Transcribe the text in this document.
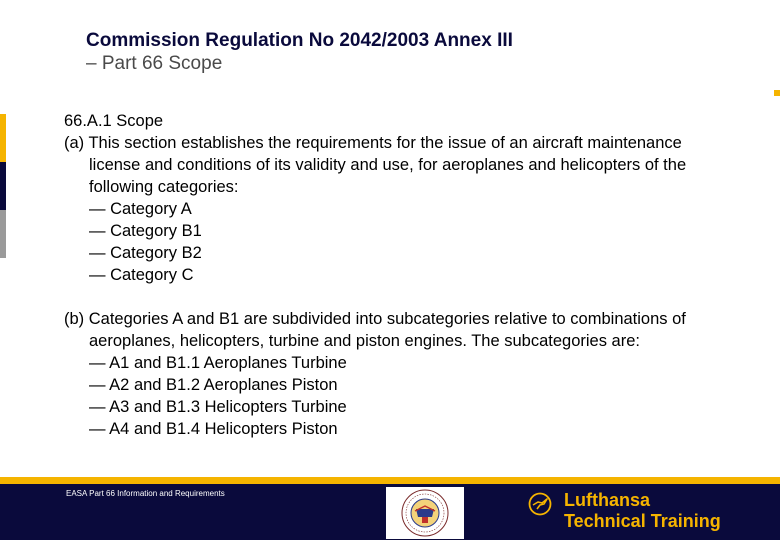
Commission Regulation No 2042/2003 Annex III
– Part 66 Scope
66.A.1 Scope
(a) This section establishes the requirements for the issue of an aircraft maintenance
license and conditions of its validity and use, for aeroplanes and helicopters of the
following categories:
— Category A
— Category B1
— Category B2
— Category C
(b) Categories A and B1 are subdivided into subcategories relative to combinations of
aeroplanes, helicopters, turbine and piston engines. The subcategories are:
— A1 and B1.1 Aeroplanes Turbine
— A2 and B1.2 Aeroplanes Piston
— A3 and B1.3 Helicopters Turbine
— A4 and B1.4 Helicopters Piston
EASA Part 66 Information and Requirements	Lufthansa
Technical Training
